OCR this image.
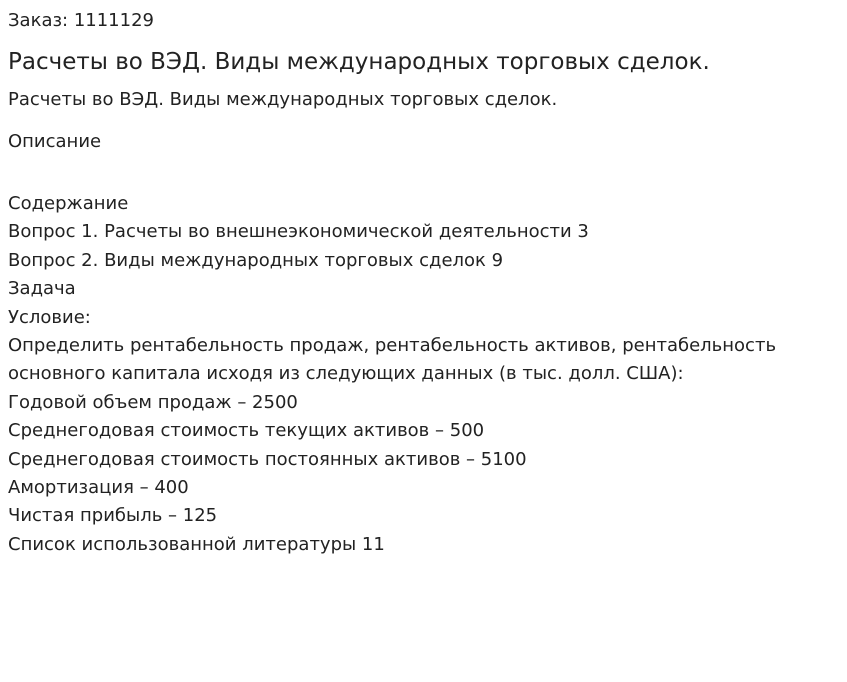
Заказ: 1111129
Расчеты во ВЭД. Виды международных торговых сделок.
Расчеты во ВЭД. Виды международных торговых сделок.
Описание
Содержание
Вопрос 1. Расчеты во внешнеэкономической деятельности 3
Вопрос 2. Виды международных торговых сделок 9
Задача
Условие:
Определить рентабельность продаж, рентабельность активов, рентабельность основного капитала исходя из следующих данных (в тыс. долл. США):
Годовой объем продаж – 2500
Среднегодовая стоимость текущих активов – 500
Среднегодовая стоимость постоянных активов – 5100
Амортизация – 400
Чистая прибыль – 125
Список использованной литературы 11
